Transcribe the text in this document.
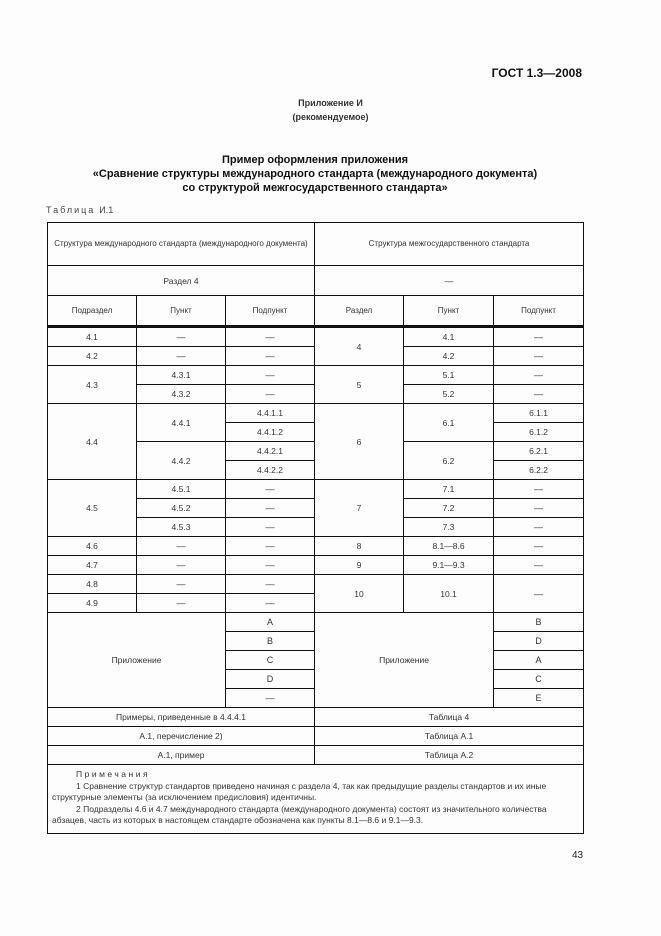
ГОСТ 1.3—2008
Приложение И
(рекомендуемое)
Пример оформления приложения
«Сравнение структуры международного стандарта (международного документа)
со структурой межгосударственного стандарта»
Таблица И.1
Структура международного стандарта (международного документа)			Структура межгосударственного стандарта		
Раздел 4			—		
Подраздел	Пункт	Подпункт	Раздел	Пункт	Подпункт
4.1	—	—	4	4.1	—
4.2	—	—		4.2	—
4.3	4.3.1	—	5	5.1	—
	4.3.2	—		5.2	—
4.4	4.4.1	4.4.1.1	6	6.1	6.1.1
		4.4.1.2			6.1.2
	4.4.2	4.4.2.1		6.2	6.2.1
		4.4.2.2			6.2.2
4.5	4.5.1	—	7	7.1	—
	4.5.2	—		7.2	—
	4.5.3	—		7.3	—
4.6	—	—	8	8.1—8.6	—
4.7	—	—	9	9.1—9.3	—
4.8	—	—	10	10.1	—
4.9	—	—			
Приложение		A	Приложение		B
		B			D
		C			A
		D			C
		—			E
Примеры, приведенные в 4.4.4.1			Таблица 4		
А.1, перечисление 2)			Таблица А.1		
А.1, пример			Таблица А.2		

Примечания
1 Сравнение структур стандартов приведено начиная с раздела 4, так как предыдущие разделы стандартов и их иные структурные элементы (за исключением предисловия) идентичны.
2 Подразделы 4.6 и 4.7 международного стандарта (международного документа) состоят из значительного количества абзацев, часть из которых в настоящем стандарте обозначена как пункты 8.1—8.6 и 9.1—9.3.					
43
